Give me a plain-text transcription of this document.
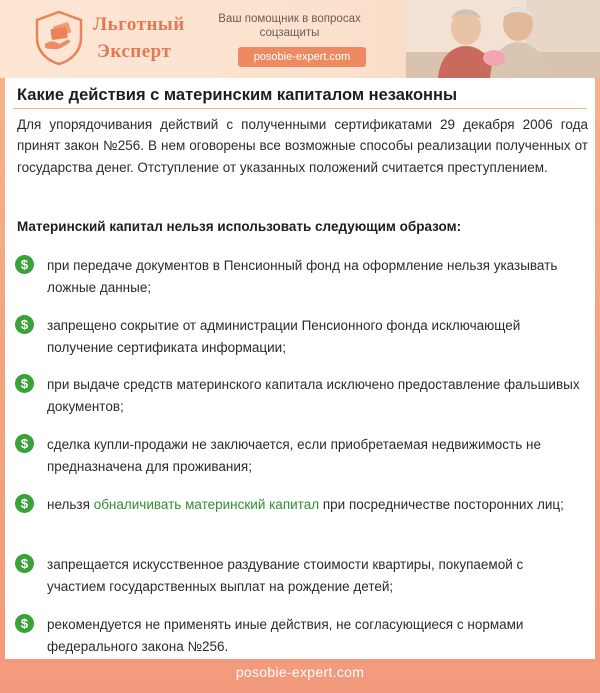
Льготный
Эксперт
Ваш помощник в вопросах соцзащиты
posobie-expert.com
Какие действия с материнским капиталом незаконны

Для упорядочивания действий с полученными сертификатами 29 декабря 2006 года принят закон №256. В нем оговорены все возможные способы реализации полученных от государства денег. Отступление от указанных положений считается преступлением.

Материнский капитал нельзя использовать следующим образом:

$	при передаче документов в Пенсионный фонд на оформление нельзя указывать ложные данные;
$	запрещено сокрытие от администрации Пенсионного фонда исключающей получение сертификата информации;
$	при выдаче средств материнского капитала исключено предоставление фальшивых документов;
$	сделка купли-продажи не заключается, если приобретаемая недвижимость не предназначена для проживания;
$	нельзя обналичивать материнский капитал при посредничестве посторонних лиц;
$	запрещается искусственное раздувание стоимости квартиры, покупаемой с участием государственных выплат на рождение детей;
$	рекомендуется не применять иные действия, не согласующиеся с нормами федерального закона №256.
posobie-expert.com
